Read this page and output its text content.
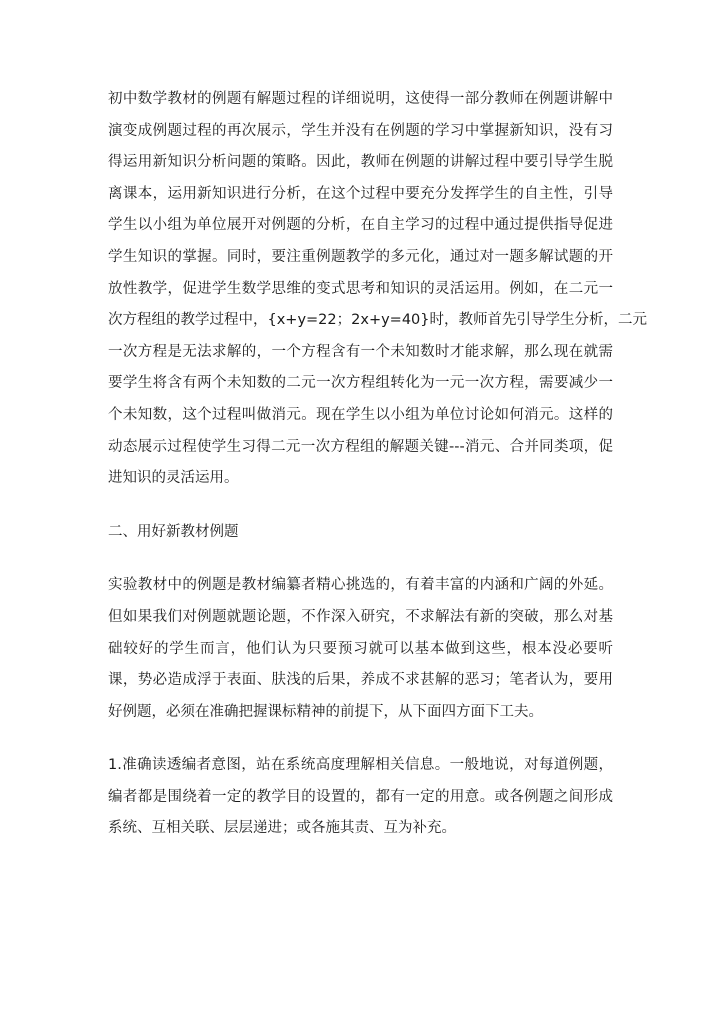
初中数学教材的例题有解题过程的详细说明，这使得一部分教师在例题讲解中
演变成例题过程的再次展示，学生并没有在例题的学习中掌握新知识，没有习
得运用新知识分析问题的策略。因此，教师在例题的讲解过程中要引导学生脱
离课本，运用新知识进行分析，在这个过程中要充分发挥学生的自主性，引导
学生以小组为单位展开对例题的分析，在自主学习的过程中通过提供指导促进
学生知识的掌握。同时，要注重例题教学的多元化，通过对一题多解试题的开
放性教学，促进学生数学思维的变式思考和知识的灵活运用。例如，在二元一
次方程组的教学过程中，{x+y=22；2x+y=40}时，教师首先引导学生分析，二元
一次方程是无法求解的，一个方程含有一个未知数时才能求解，那么现在就需
要学生将含有两个未知数的二元一次方程组转化为一元一次方程，需要减少一
个未知数，这个过程叫做消元。现在学生以小组为单位讨论如何消元。这样的
动态展示过程使学生习得二元一次方程组的解题关键---消元、合并同类项，促
进知识的灵活运用。
二、用好新教材例题
实验教材中的例题是教材编纂者精心挑选的，有着丰富的内涵和广阔的外延。
但如果我们对例题就题论题，不作深入研究，不求解法有新的突破，那么对基
础较好的学生而言，他们认为只要预习就可以基本做到这些，根本没必要听
课，势必造成浮于表面、肤浅的后果，养成不求甚解的恶习；笔者认为，要用
好例题，必须在准确把握课标精神的前提下，从下面四方面下工夫。
1.准确读透编者意图，站在系统高度理解相关信息。一般地说，对每道例题，
编者都是围绕着一定的教学目的设置的，都有一定的用意。或各例题之间形成
系统、互相关联、层层递进；或各施其责、互为补充。
